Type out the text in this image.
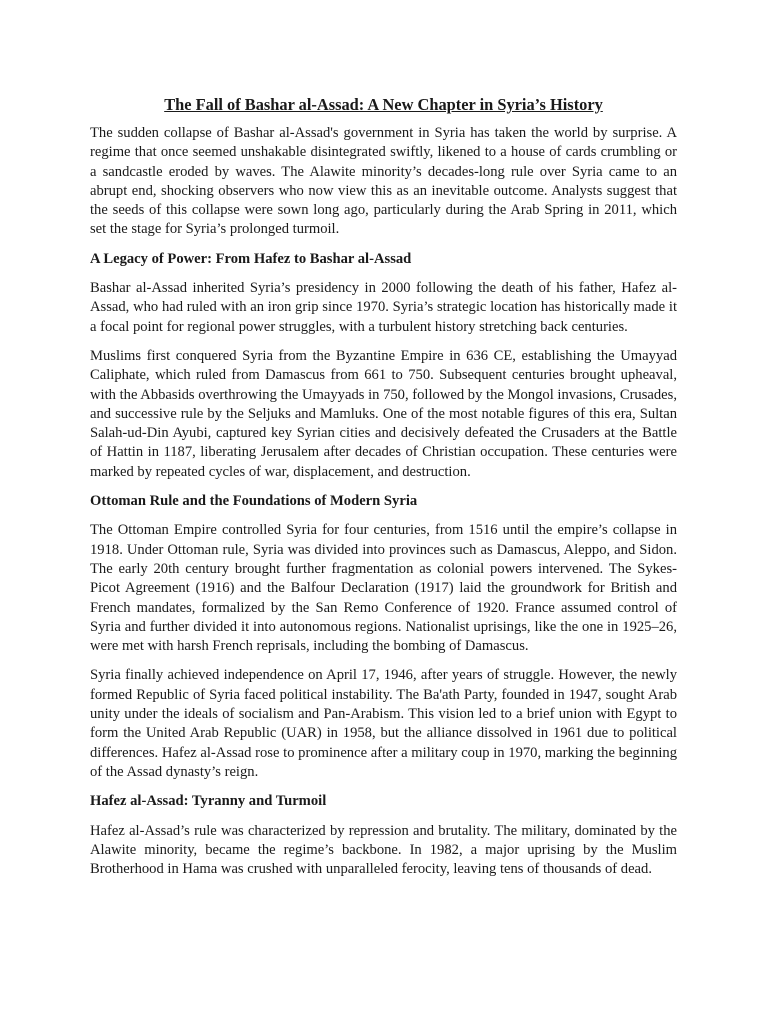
The Fall of Bashar al-Assad: A New Chapter in Syria’s History

The sudden collapse of Bashar al-Assad's government in Syria has taken the world by surprise. A regime that once seemed unshakable disintegrated swiftly, likened to a house of cards crumbling or a sandcastle eroded by waves. The Alawite minority’s decades-long rule over Syria came to an abrupt end, shocking observers who now view this as an inevitable outcome. Analysts suggest that the seeds of this collapse were sown long ago, particularly during the Arab Spring in 2011, which set the stage for Syria’s prolonged turmoil.

A Legacy of Power: From Hafez to Bashar al-Assad

Bashar al-Assad inherited Syria’s presidency in 2000 following the death of his father, Hafez al-Assad, who had ruled with an iron grip since 1970. Syria’s strategic location has historically made it a focal point for regional power struggles, with a turbulent history stretching back centuries.

Muslims first conquered Syria from the Byzantine Empire in 636 CE, establishing the Umayyad Caliphate, which ruled from Damascus from 661 to 750. Subsequent centuries brought upheaval, with the Abbasids overthrowing the Umayyads in 750, followed by the Mongol invasions, Crusades, and successive rule by the Seljuks and Mamluks. One of the most notable figures of this era, Sultan Salah-ud-Din Ayubi, captured key Syrian cities and decisively defeated the Crusaders at the Battle of Hattin in 1187, liberating Jerusalem after decades of Christian occupation. These centuries were marked by repeated cycles of war, displacement, and destruction.

Ottoman Rule and the Foundations of Modern Syria

The Ottoman Empire controlled Syria for four centuries, from 1516 until the empire’s collapse in 1918. Under Ottoman rule, Syria was divided into provinces such as Damascus, Aleppo, and Sidon. The early 20th century brought further fragmentation as colonial powers intervened. The Sykes-Picot Agreement (1916) and the Balfour Declaration (1917) laid the groundwork for British and French mandates, formalized by the San Remo Conference of 1920. France assumed control of Syria and further divided it into autonomous regions. Nationalist uprisings, like the one in 1925–26, were met with harsh French reprisals, including the bombing of Damascus.

Syria finally achieved independence on April 17, 1946, after years of struggle. However, the newly formed Republic of Syria faced political instability. The Ba'ath Party, founded in 1947, sought Arab unity under the ideals of socialism and Pan-Arabism. This vision led to a brief union with Egypt to form the United Arab Republic (UAR) in 1958, but the alliance dissolved in 1961 due to political differences. Hafez al-Assad rose to prominence after a military coup in 1970, marking the beginning of the Assad dynasty’s reign.

Hafez al-Assad: Tyranny and Turmoil

Hafez al-Assad’s rule was characterized by repression and brutality. The military, dominated by the Alawite minority, became the regime’s backbone. In 1982, a major uprising by the Muslim Brotherhood in Hama was crushed with unparalleled ferocity, leaving tens of thousands of dead.
